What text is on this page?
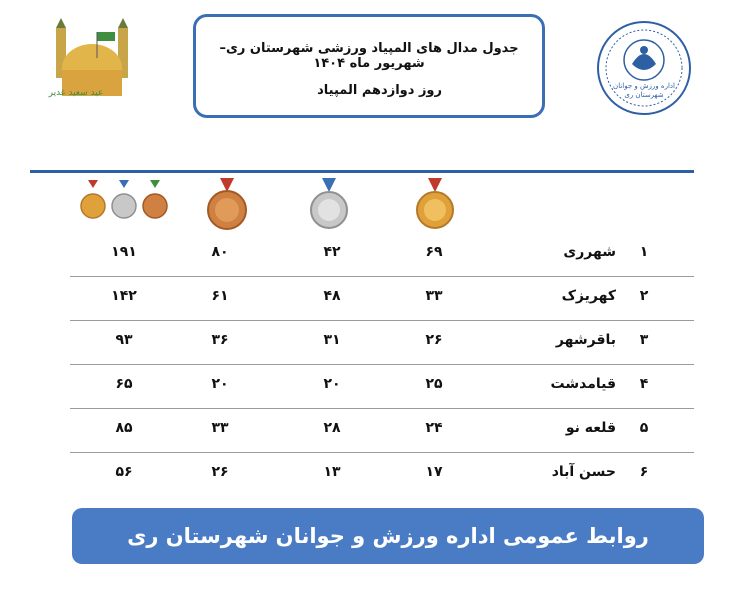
عید سعید غدیر
جدول مدال های المپیاد ورزشی شهرستان ری–شهریور ماه ۱۴۰۴
روز دوازدهم المپیاد	اداره ورزش و جوانان شهرستان ری
۱
شهرری
۶۹
۴۲
۸۰
۱۹۱
۲
کهریزک
۳۳
۴۸
۶۱
۱۴۲
۳
باقرشهر
۲۶
۳۱
۳۶
۹۳
۴
قیامدشت
۲۵
۲۰
۲۰
۶۵
۵
قلعه نو
۲۴
۲۸
۳۳
۸۵
۶
حسن آباد
۱۷
۱۳
۲۶
۵۶
روابط عمومی اداره ورزش و جوانان شهرستان ری
